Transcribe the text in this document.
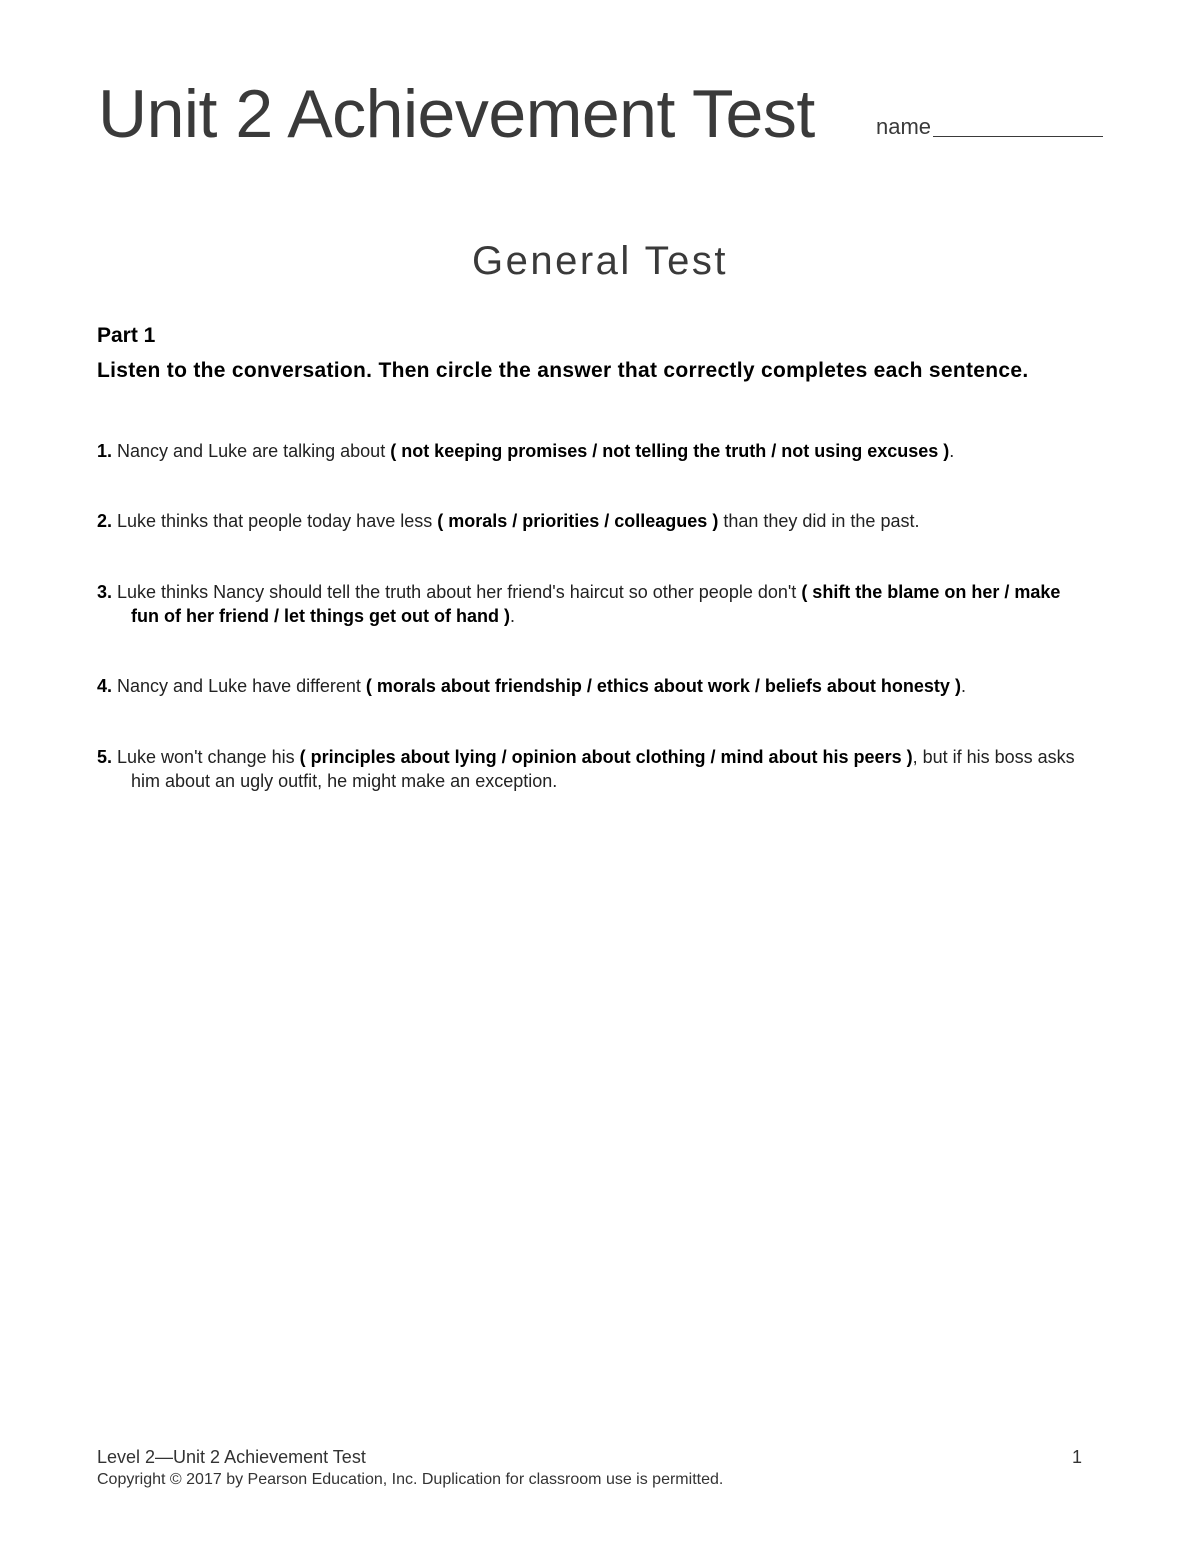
Unit 2 Achievement Test	name
General Test
Part 1
Listen to the conversation. Then circle the answer that correctly completes each sentence.
1. Nancy and Luke are talking about ( not keeping promises / not telling the truth / not using excuses ).
2. Luke thinks that people today have less ( morals / priorities / colleagues ) than they did in the past.
3. Luke thinks Nancy should tell the truth about her friend's haircut so other people don't ( shift the blame on her / make fun of her friend / let things get out of hand ).
4. Nancy and Luke have different ( morals about friendship / ethics about work / beliefs about honesty ).
5. Luke won't change his ( principles about lying / opinion about clothing / mind about his peers ), but if his boss asks him about an ugly outfit, he might make an exception.
Level 2—Unit 2 Achievement Test	1
Copyright © 2017 by Pearson Education, Inc. Duplication for classroom use is permitted.
